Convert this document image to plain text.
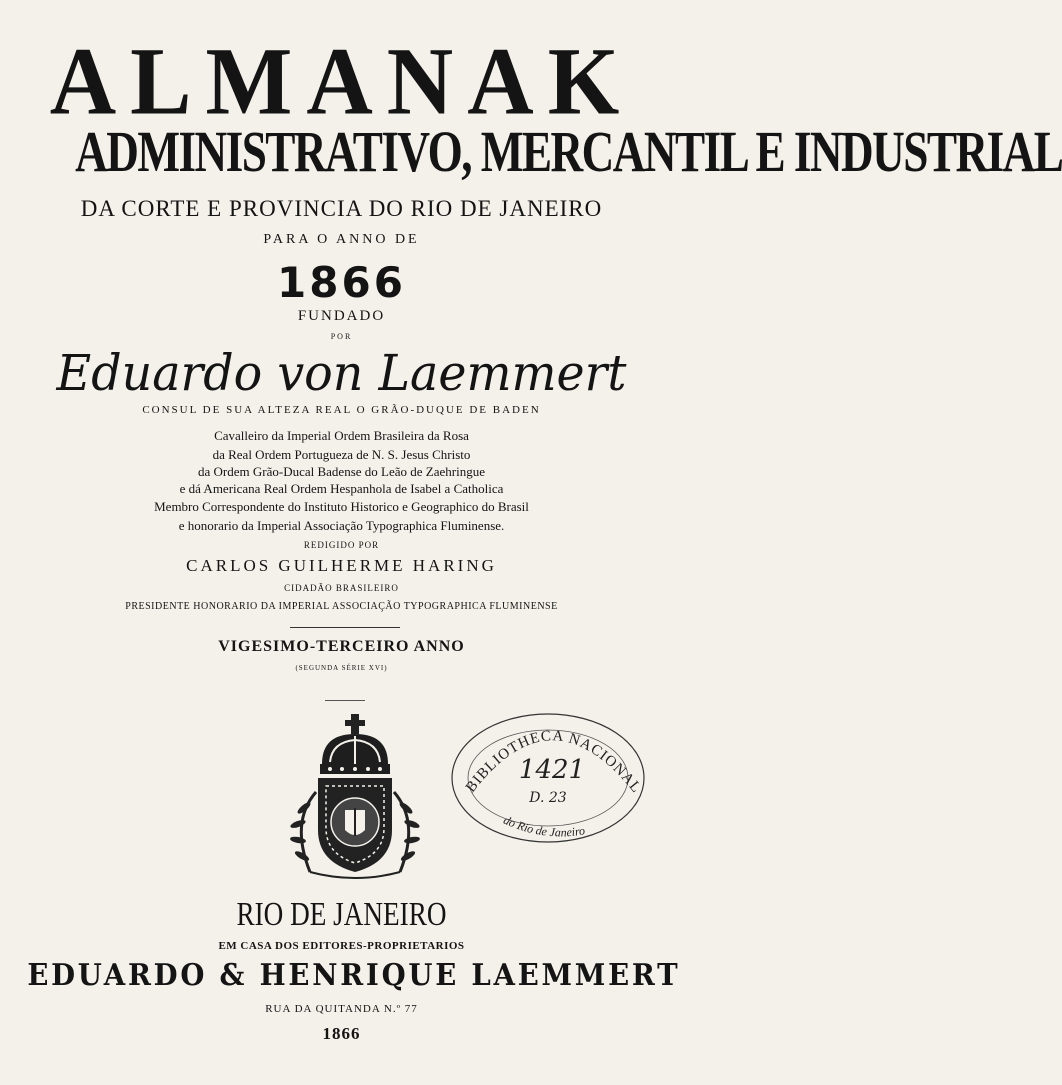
ALMANAK
ADMINISTRATIVO, MERCANTIL E INDUSTRIAL
DA CORTE E PROVINCIA DO RIO DE JANEIRO
PARA O ANNO DE
1866
FUNDADO
POR
Eduardo von Laemmert
CONSUL DE SUA ALTEZA REAL O GRÃO-DUQUE DE BADEN
Cavalleiro da Imperial Ordem Brasileira da Rosa
da Real Ordem Portugueza de N. S. Jesus Christo
da Ordem Grão-Ducal Badense do Leão de Zaehringue
e dá Americana Real Ordem Hespanhola de Isabel a Catholica
Membro Correspondente do Instituto Historico e Geographico do Brasil
e honorario da Imperial Associação Typographica Fluminense.
REDIGIDO POR
CARLOS GUILHERME HARING
CIDADÃO BRASILEIRO
PRESIDENTE HONORARIO DA IMPERIAL ASSOCIAÇÃO TYPOGRAPHICA FLUMINENSE
VIGESIMO-TERCEIRO ANNO
(SEGUNDA SÉRIE XVI)
BIBLIOTHECA NACIONAL
1421
D. 23
do Rio de Janeiro
RIO DE JANEIRO
EM CASA DOS EDITORES-PROPRIETARIOS
EDUARDO & HENRIQUE LAEMMERT
RUA DA QUITANDA N.º 77
1866
